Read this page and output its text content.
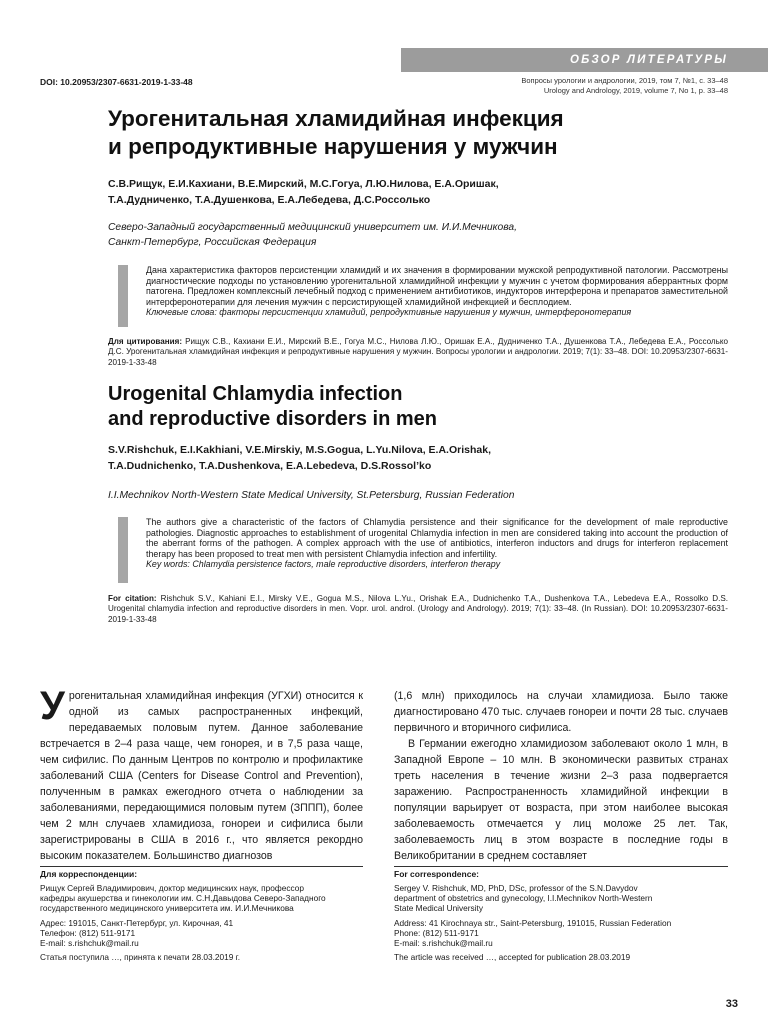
ОБЗОР ЛИТЕРАТУРЫ
DOI: 10.20953/2307-6631-2019-1-33-48	Вопросы урологии и андрологии, 2019, том 7, №1, с. 33–48
Urology and Andrology, 2019, volume 7, No 1, p. 33–48
Урогенитальная хламидийная инфекция
и репродуктивные нарушения у мужчин
С.В.Рищук, Е.И.Кахиани, В.Е.Мирский, М.С.Гогуа, Л.Ю.Нилова, Е.А.Оришак,
Т.А.Дудниченко, Т.А.Душенкова, Е.А.Лебедева, Д.С.Россолько
Северо-Западный государственный медицинский университет им. И.И.Мечникова,
Санкт-Петербург, Российская Федерация
Дана характеристика факторов персистенции хламидий и их значения в формировании мужской репродуктивной патологии. Рассмотрены диагностические подходы по установлению урогенитальной хламидийной инфекции у мужчин с учетом формирования аберрантных форм патогена. Предложен комплексный лечебный подход с применением антибиотиков, индукторов интерферона и препаратов заместительной интерферонотерапии для лечения мужчин с персистирующей хламидийной инфекцией и бесплодием.
Ключевые слова: факторы персистенции хламидий, репродуктивные нарушения у мужчин, интерферонотерапия
Для цитирования: Рищук С.В., Кахиани Е.И., Мирский В.Е., Гогуа М.С., Нилова Л.Ю., Оришак Е.А., Дудниченко Т.А., Душенкова Т.А., Лебедева Е.А., Россолько Д.С. Урогенитальная хламидийная инфекция и репродуктивные нарушения у мужчин. Вопросы урологии и андрологии. 2019; 7(1): 33–48. DOI: 10.20953/2307-6631-2019-1-33-48
Urogenital Chlamydia infection
and reproductive disorders in men
S.V.Rishchuk, E.I.Kakhiani, V.E.Mirskiy, M.S.Gogua, L.Yu.Nilova, E.A.Orishak,
T.A.Dudnichenko, T.A.Dushenkova, E.A.Lebedeva, D.S.Rossol’ko
I.I.Mechnikov North-Western State Medical University, St.Petersburg, Russian Federation
The authors give a characteristic of the factors of Chlamydia persistence and their significance for the development of male reproductive pathologies. Diagnostic approaches to establishment of urogenital Chlamydia infection in men are considered taking into account the production of the aberrant forms of the pathogen. A complex approach with the use of antibiotics, interferon inductors and drugs for interferon replacement therapy has been proposed to treat men with persistent Chlamydia infection and infertility.
Key words: Chlamydia persistence factors, male reproductive disorders, interferon therapy
For citation: Rishchuk S.V., Kahiani E.I., Mirsky V.E., Gogua M.S., Nilova L.Yu., Orishak E.A., Dudnichenko T.A., Dushenkova T.A., Lebedeva E.A., Rossolko D.S. Urogenital chlamydia infection and reproductive disorders in men. Vopr. urol. androl. (Urology and Andrology). 2019; 7(1): 33–48. (In Russian). DOI: 10.20953/2307-6631-2019-1-33-48

Урогенитальная хламидийная инфекция (УГХИ) относится к одной из самых распространенных инфекций, передаваемых половым путем. Данное заболевание встречается в 2–4 раза чаще, чем гонорея, и в 7,5 раза чаще, чем сифилис. По данным Центров по контролю и профилактике заболеваний США (Centers for Disease Control and Prevention), полученным в рамках ежегодного отчета о наблюдении за заболеваниями, передающимися половым путем (ЗППП), более чем 2 млн случаев хламидиоза, гонореи и сифилиса были зарегистрированы в США в 2016 г., что является рекордно высоким показателем. Большинство диагнозов

(1,6 млн) приходилось на случаи хламидиоза. Было также диагностировано 470 тыс. случаев гонореи и почти 28 тыс. случаев первичного и вторичного сифилиса.

В Германии ежегодно хламидиозом заболевают около 1 млн, в Западной Европе – 10 млн. В экономически развитых странах треть населения в течение жизни 2–3 раза подвергается заражению. Распространенность хламидийной инфекции в популяции варьирует от возраста, при этом наиболее высокая заболеваемость отмечается у лиц моложе 25 лет. Так, заболеваемость лиц в этом возрасте в последние годы в Великобритании в среднем составляет

Для корреспонденции:
Рищук Сергей Владимирович, доктор медицинских наук, профессор
кафедры акушерства и гинекологии им. С.Н.Давыдова Северо-Западного
государственного медицинского университета им. И.И.Мечникова
Адрес: 191015, Санкт-Петербург, ул. Кирочная, 41
Телефон: (812) 511-9171
E-mail: s.rishchuk@mail.ru
Статья поступила …, принята к печати 28.03.2019 г.
For correspondence:
Sergey V. Rishchuk, MD, PhD, DSc, professor of the S.N.Davydov
department of obstetrics and gynecology, I.I.Mechnikov North-Western
State Medical University
Address: 41 Kirochnaya str., Saint-Petersburg, 191015, Russian Federation
Phone: (812) 511-9171
E-mail: s.rishchuk@mail.ru
The article was received …, accepted for publication 28.03.2019
33
